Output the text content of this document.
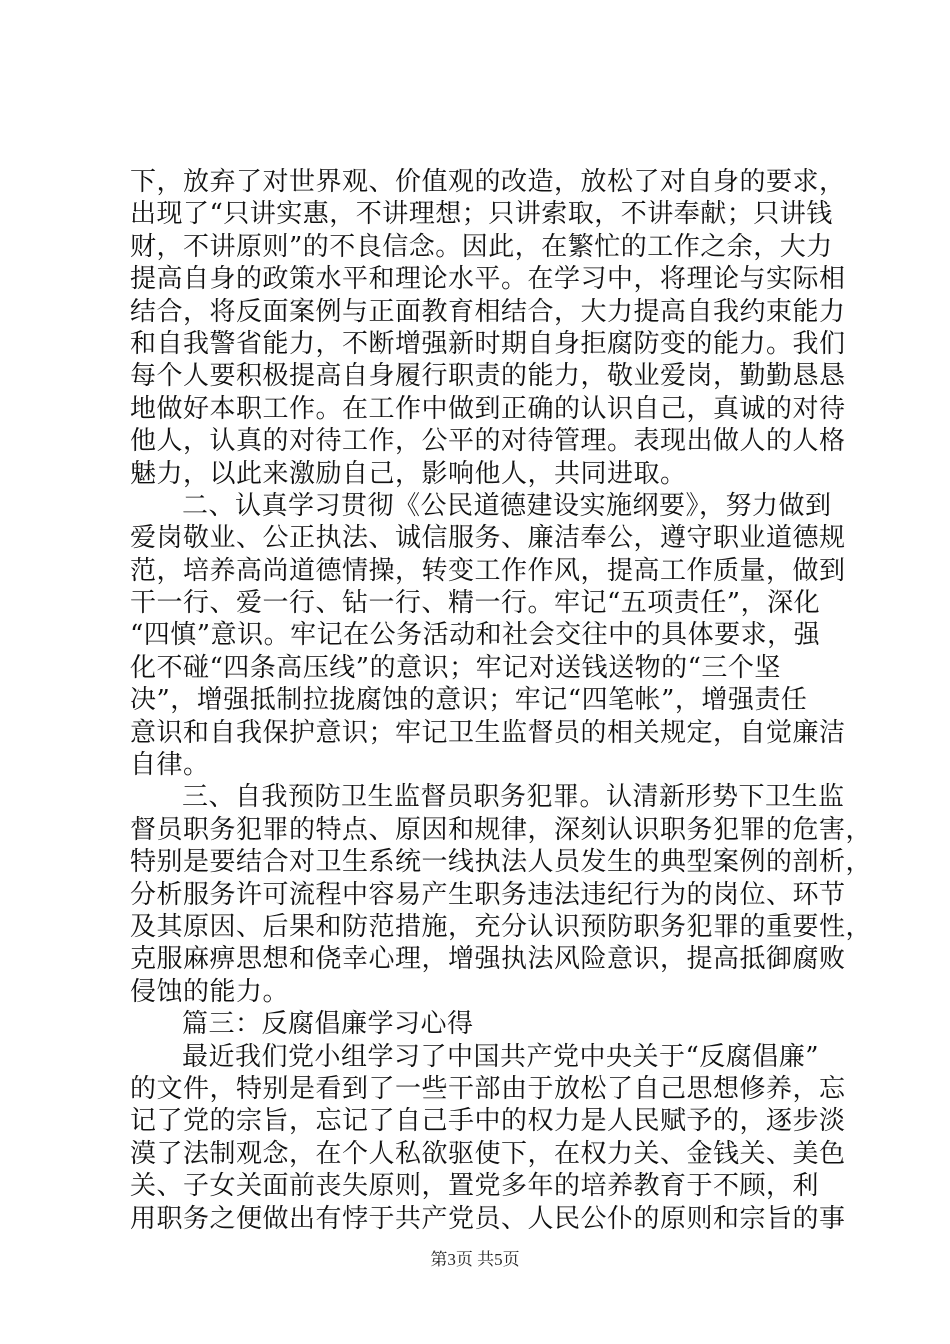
下，放弃了对世界观、价值观的改造，放松了对自身的要求，
出现了“只讲实惠，不讲理想；只讲索取，不讲奉献；只讲钱
财，不讲原则”的不良信念。因此，在繁忙的工作之余，大力
提高自身的政策水平和理论水平。在学习中，将理论与实际相
结合，将反面案例与正面教育相结合，大力提高自我约束能力
和自我警省能力，不断增强新时期自身拒腐防变的能力。我们
每个人要积极提高自身履行职责的能力，敬业爱岗，勤勤恳恳
地做好本职工作。在工作中做到正确的认识自己，真诚的对待
他人，认真的对待工作，公平的对待管理。表现出做人的人格
魅力，以此来激励自己，影响他人，共同进取。
二、认真学习贯彻《公民道德建设实施纲要》，努力做到
爱岗敬业、公正执法、诚信服务、廉洁奉公，遵守职业道德规
范，培养高尚道德情操，转变工作作风，提高工作质量，做到
干一行、爱一行、钻一行、精一行。牢记“五项责任”，深化
“四慎”意识。牢记在公务活动和社会交往中的具体要求，强
化不碰“四条高压线”的意识；牢记对送钱送物的“三个坚
决”，增强抵制拉拢腐蚀的意识；牢记“四笔帐”，增强责任
意识和自我保护意识；牢记卫生监督员的相关规定，自觉廉洁
自律。
三、自我预防卫生监督员职务犯罪。认清新形势下卫生监
督员职务犯罪的特点、原因和规律，深刻认识职务犯罪的危害，
特别是要结合对卫生系统一线执法人员发生的典型案例的剖析，
分析服务许可流程中容易产生职务违法违纪行为的岗位、环节
及其原因、后果和防范措施，充分认识预防职务犯罪的重要性，
克服麻痹思想和侥幸心理，增强执法风险意识，提高抵御腐败
侵蚀的能力。
篇三：反腐倡廉学习心得
最近我们党小组学习了中国共产党中央关于“反腐倡廉”
的文件，特别是看到了一些干部由于放松了自己思想修养，忘
记了党的宗旨，忘记了自己手中的权力是人民赋予的，逐步淡
漠了法制观念，在个人私欲驱使下，在权力关、金钱关、美色
关、子女关面前丧失原则，置党多年的培养教育于不顾，利
用职务之便做出有悖于共产党员、人民公仆的原则和宗旨的事
第3页 共5页
